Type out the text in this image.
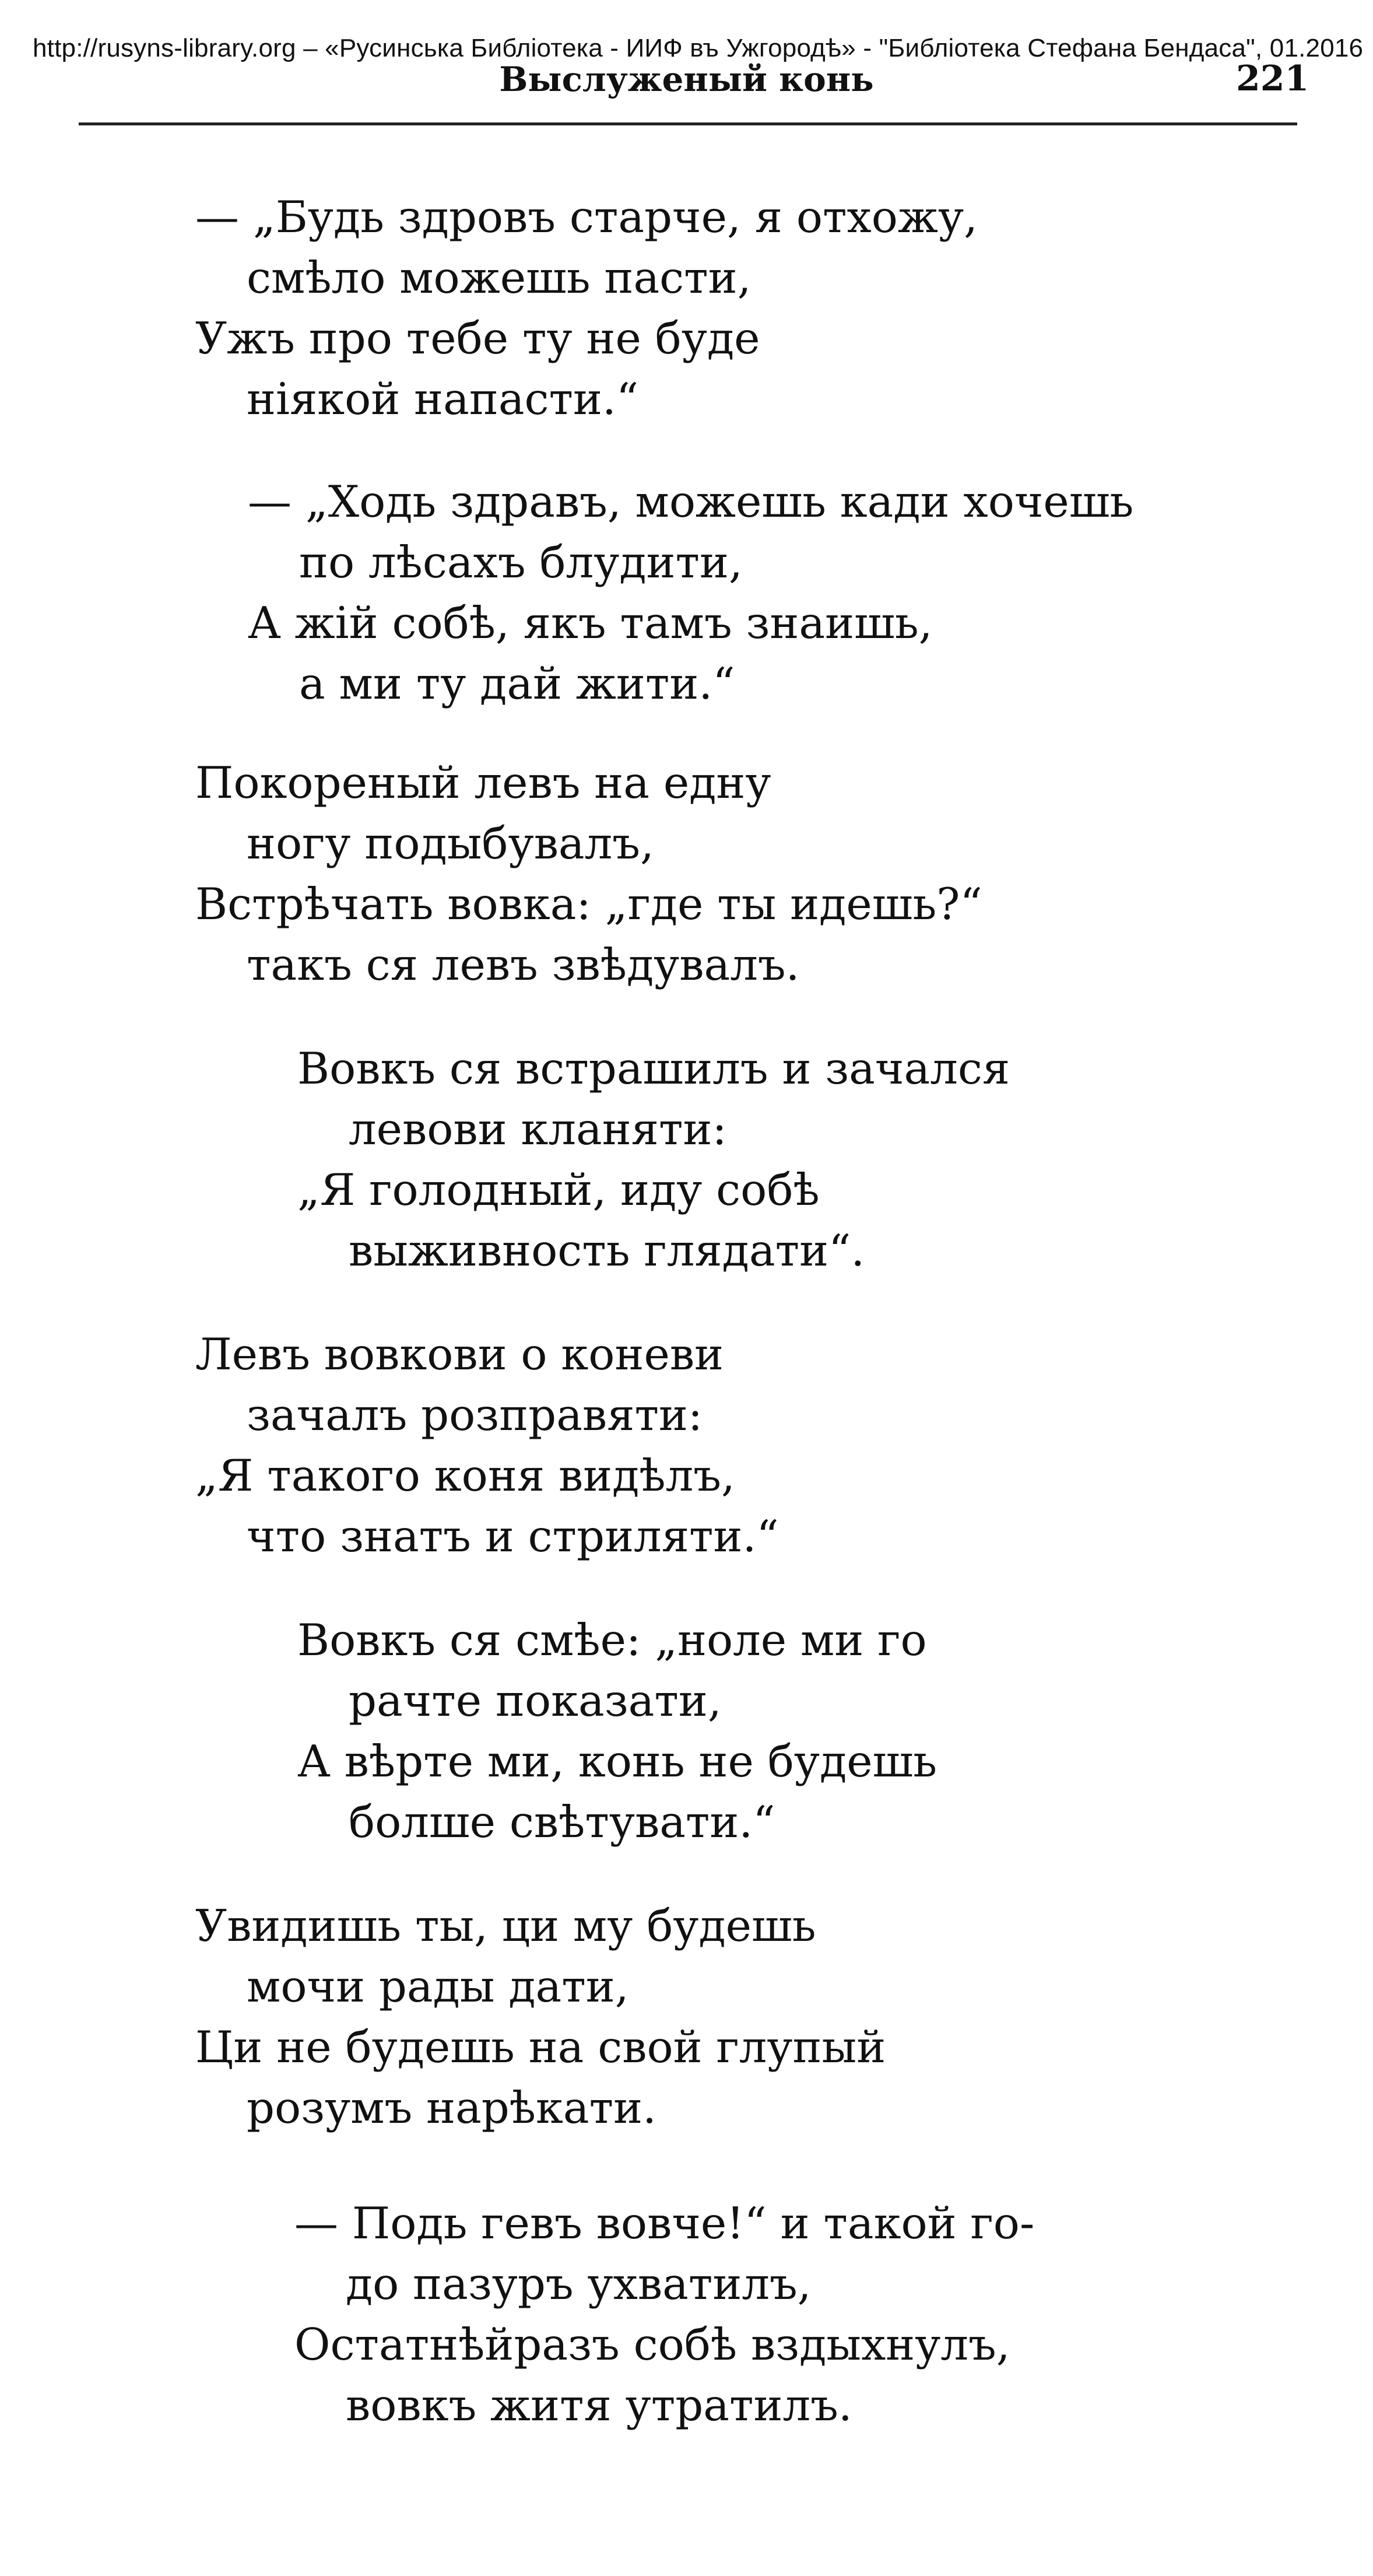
http://rusyns-library.org – «Русинська Библіотека - ИИФ въ Ужгородѣ» - "Библіотека Стефана Бендаса", 01.2016
Выслуженый конь	221
— „Будь здровъ старче, я отхожу,
смѣло можешь пасти,
Ужъ про тебе ту не буде
ніякой напасти.“
— „Ходь здравъ, можешь кади хочешь
по лѣсахъ блудити,
А жій собѣ, якъ тамъ знаишь,
а ми ту дай жити.“
Покореный левъ на едну
ногу подыбувалъ,
Встрѣчать вовка: „где ты идешь?“
такъ ся левъ звѣдувалъ.
Вовкъ ся встрашилъ и зачался
левови кланяти:
„Я голодный, иду собѣ
выживность глядати“.
Левъ вовкови о коневи
зачалъ розправяти:
„Я такого коня видѣлъ,
что знатъ и стриляти.“
Вовкъ ся смѣе: „ноле ми го
рачте показати,
А вѣрте ми, конь не будешь
болше свѣтувати.“
Увидишь ты, ци му будешь
мочи рады дати,
Ци не будешь на свой глупый
розумъ нарѣкати.
— Подь гевъ вовче!“ и такой го-
до пазуръ ухватилъ,
Остатнѣйразъ собѣ вздыхнулъ,
вовкъ житя утратилъ.
